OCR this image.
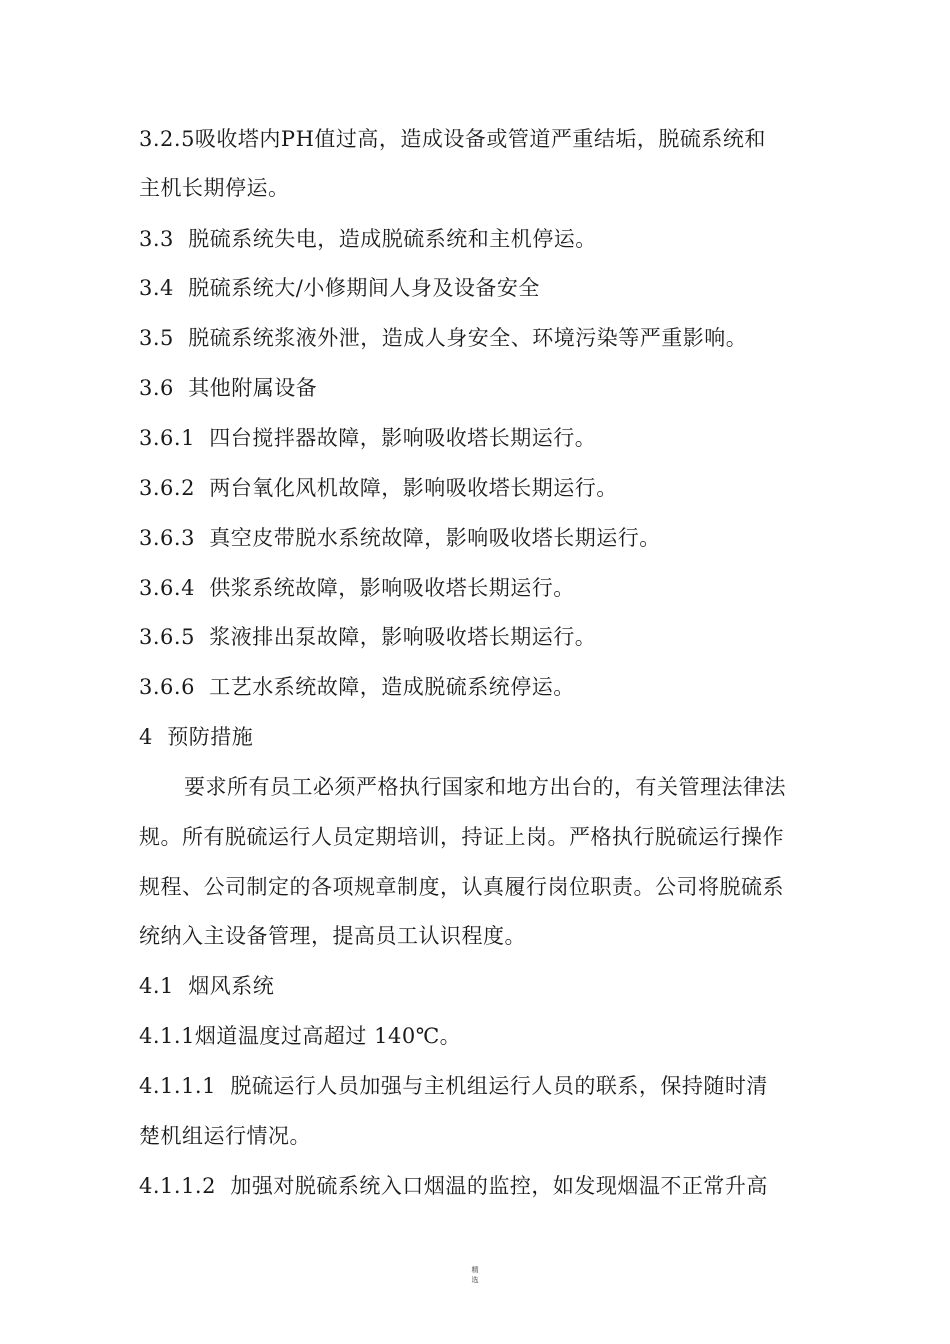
3.2.5吸收塔内PH值过高，造成设备或管道严重结垢，脱硫系统和
主机长期停运。
3.3  脱硫系统失电，造成脱硫系统和主机停运。
3.4  脱硫系统大/小修期间人身及设备安全
3.5  脱硫系统浆液外泄，造成人身安全、环境污染等严重影响。
3.6  其他附属设备
3.6.1  四台搅拌器故障，影响吸收塔长期运行。
3.6.2  两台氧化风机故障，影响吸收塔长期运行。
3.6.3  真空皮带脱水系统故障，影响吸收塔长期运行。
3.6.4  供浆系统故障，影响吸收塔长期运行。
3.6.5  浆液排出泵故障，影响吸收塔长期运行。
3.6.6  工艺水系统故障，造成脱硫系统停运。
4  预防措施
要求所有员工必须严格执行国家和地方出台的，有关管理法律法
规。所有脱硫运行人员定期培训，持证上岗。严格执行脱硫运行操作
规程、公司制定的各项规章制度，认真履行岗位职责。公司将脱硫系
统纳入主设备管理，提高员工认识程度。
4.1  烟风系统
4.1.1烟道温度过高超过 140℃。
4.1.1.1  脱硫运行人员加强与主机组运行人员的联系，保持随时清
楚机组运行情况。
4.1.1.2  加强对脱硫系统入口烟温的监控，如发现烟温不正常升高
精
选
